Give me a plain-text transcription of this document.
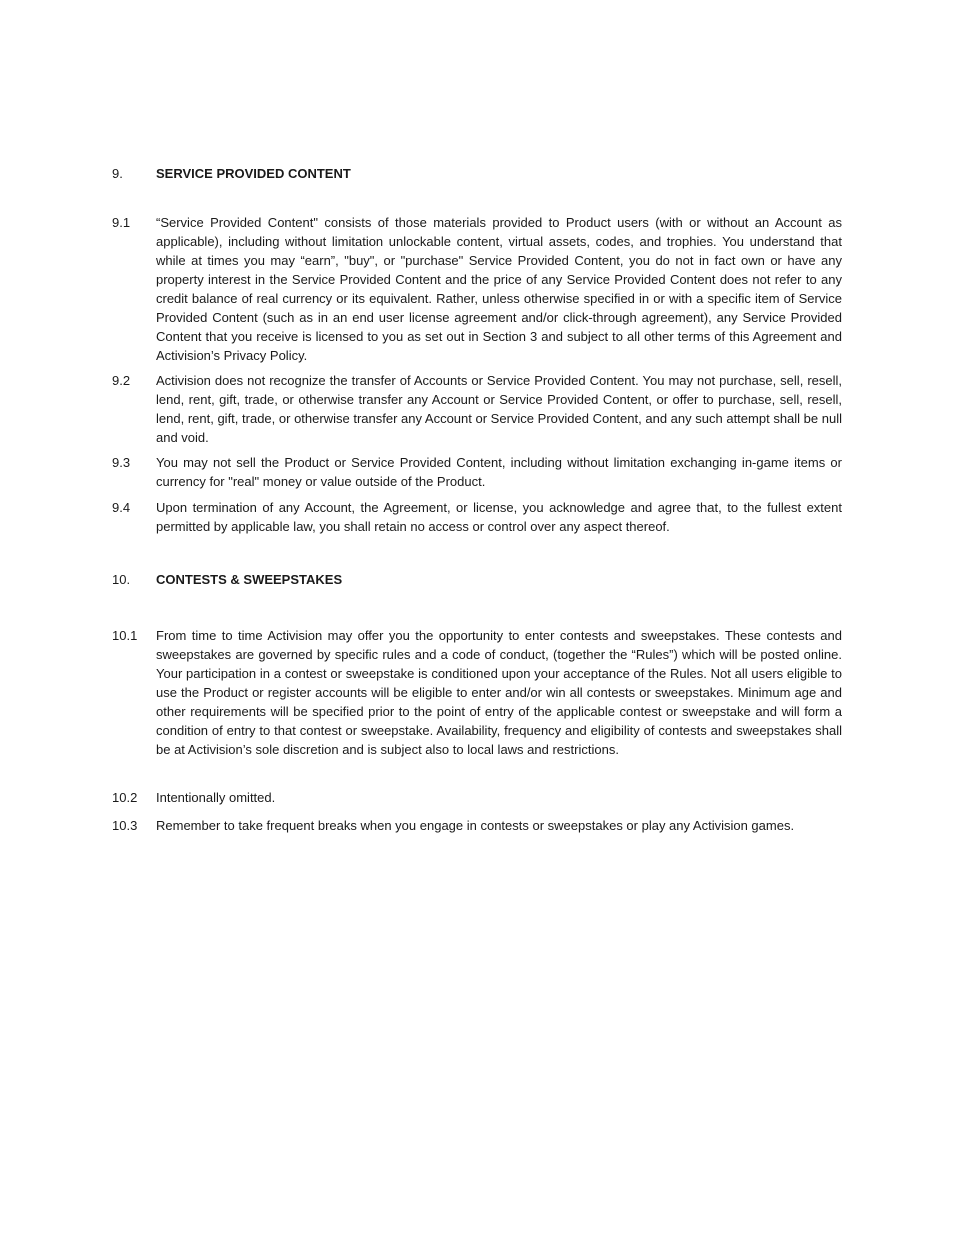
9.	SERVICE PROVIDED CONTENT
9.1 “Service Provided Content" consists of those materials provided to Product users (with or without an Account as applicable), including without limitation unlockable content, virtual assets, codes, and trophies. You understand that while at times you may “earn”, "buy", or "purchase" Service Provided Content, you do not in fact own or have any property interest in the Service Provided Content and the price of any Service Provided Content does not refer to any credit balance of real currency or its equivalent. Rather, unless otherwise specified in or with a specific item of Service Provided Content (such as in an end user license agreement and/or click-through agreement), any Service Provided Content that you receive is licensed to you as set out in Section 3 and subject to all other terms of this Agreement and Activision’s Privacy Policy.
9.2 Activision does not recognize the transfer of Accounts or Service Provided Content. You may not purchase, sell, resell, lend, rent, gift, trade, or otherwise transfer any Account or Service Provided Content, or offer to purchase, sell, resell, lend, rent, gift, trade, or otherwise transfer any Account or Service Provided Content, and any such attempt shall be null and void.
9.3 You may not sell the Product or Service Provided Content, including without limitation exchanging in-game items or currency for "real" money or value outside of the Product.
9.4 Upon termination of any Account, the Agreement, or license, you acknowledge and agree that, to the fullest extent permitted by applicable law, you shall retain no access or control over any aspect thereof.
10. CONTESTS & SWEEPSTAKES
10.1 From time to time Activision may offer you the opportunity to enter contests and sweepstakes. These contests and sweepstakes are governed by specific rules and a code of conduct, (together the “Rules”) which will be posted online. Your participation in a contest or sweepstake is conditioned upon your acceptance of the Rules. Not all users eligible to use the Product or register accounts will be eligible to enter and/or win all contests or sweepstakes. Minimum age and other requirements will be specified prior to the point of entry of the applicable contest or sweepstake and will form a condition of entry to that contest or sweepstake. Availability, frequency and eligibility of contests and sweepstakes shall be at Activision’s sole discretion and is subject also to local laws and restrictions.
10.2 Intentionally omitted.
10.3 Remember to take frequent breaks when you engage in contests or sweepstakes or play any Activision games.
